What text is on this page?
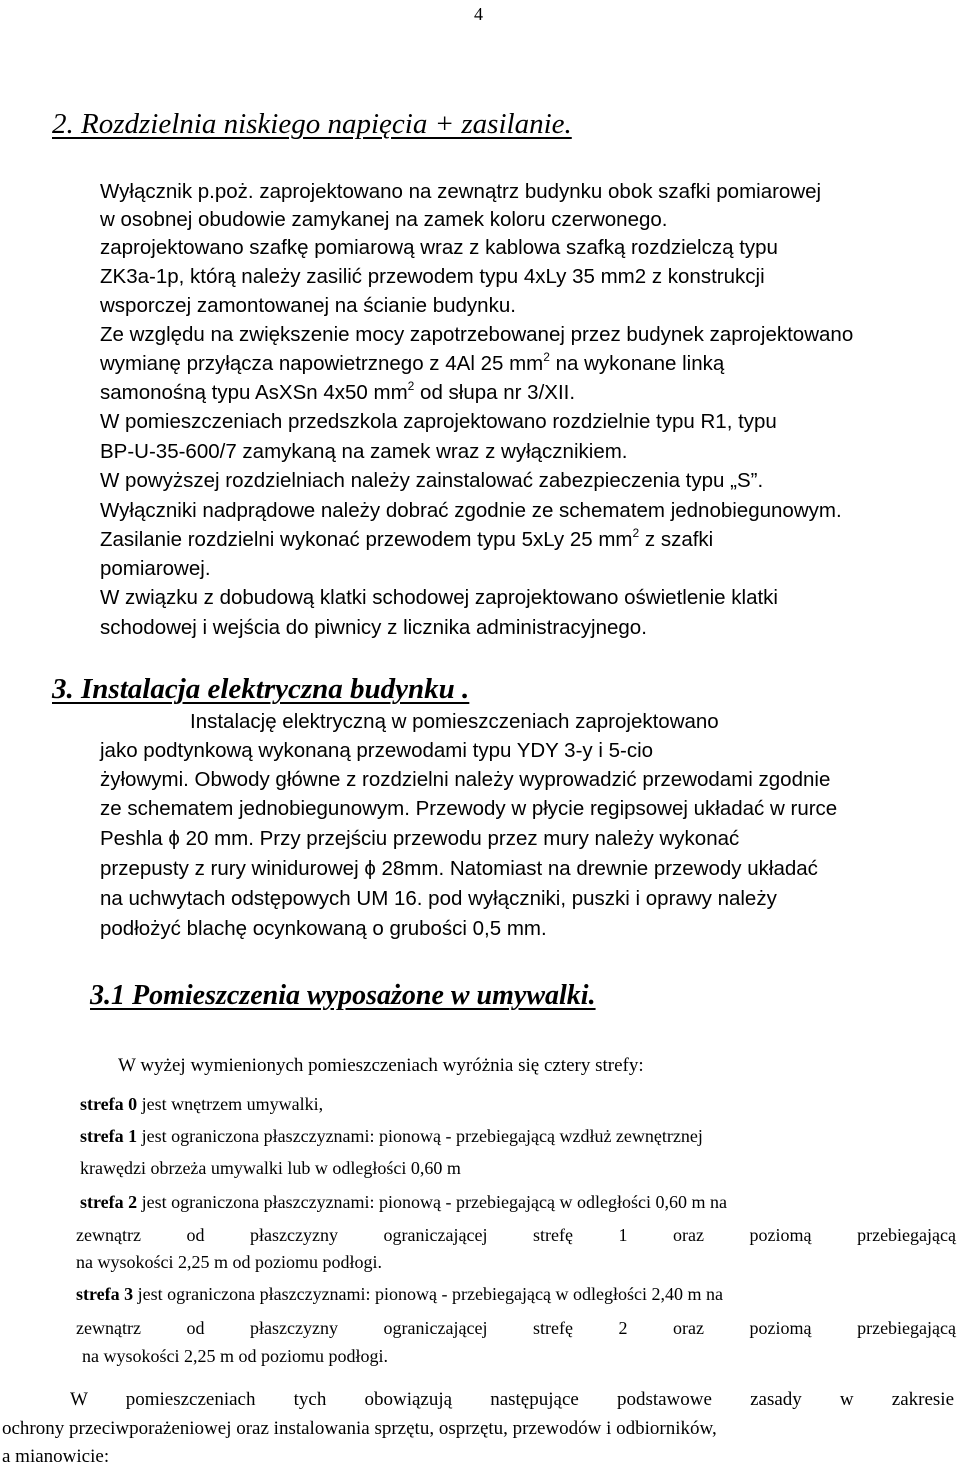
4
2. Rozdzielnia niskiego napięcia + zasilanie.
Wyłącznik p.poż. zaprojektowano na zewnątrz budynku obok szafki pomiarowej
w osobnej obudowie zamykanej na zamek koloru czerwonego.
zaprojektowano szafkę pomiarową wraz z kablowa szafką rozdzielczą typu
ZK3a-1p, którą należy zasilić przewodem typu 4xLy 35 mm2 z konstrukcji
wsporczej zamontowanej na ścianie budynku.
Ze względu na zwiększenie mocy zapotrzebowanej przez budynek zaprojektowano
wymianę przyłącza napowietrznego z 4Al 25 $mm^2$ na wykonane linką
samonośną typu AsXSn 4x50 $mm^2$ od słupa nr 3/XII.
W pomieszczeniach przedszkola zaprojektowano rozdzielnie typu R1, typu
BP-U-35-600/7 zamykaną na zamek wraz z wyłącznikiem.
W powyższej rozdzielniach należy zainstalować zabezpieczenia typu „S”.
Wyłączniki nadprądowe należy dobrać zgodnie ze schematem jednobiegunowym.
Zasilanie rozdzielni wykonać przewodem typu 5xLy 25 $mm^2$ z szafki
pomiarowej.
W związku z dobudową klatki schodowej zaprojektowano oświetlenie klatki
schodowej i wejścia do piwnicy z licznika administracyjnego.
3. Instalacja elektryczna budynku .
Instalację elektryczną w pomieszczeniach zaprojektowano
jako podtynkową wykonaną przewodami typu YDY 3-y i 5-cio
żyłowymi. Obwody główne z rozdzielni należy wyprowadzić przewodami zgodnie
ze schematem jednobiegunowym. Przewody w płycie regipsowej układać w rurce
Peshla ϕ 20 mm. Przy przejściu przewodu przez mury należy wykonać
przepusty z rury winidurowej ϕ 28mm. Natomiast na drewnie przewody układać
na uchwytach odstępowych UM 16. pod wyłączniki, puszki i oprawy należy
podłożyć blachę ocynkowaną o grubości 0,5 mm.
3.1 Pomieszczenia wyposażone w umywalki.
W wyżej wymienionych pomieszczeniach wyróżnia się cztery strefy:
strefa 0 jest wnętrzem umywalki,
strefa 1 jest ograniczona płaszczyznami: pionową - przebiegającą wzdłuż zewnętrznej
krawędzi obrzeża umywalki lub w odległości 0,60 m
strefa 2 jest ograniczona płaszczyznami: pionową - przebiegającą w odległości 0,60 m na
zewnątrz od płaszczyzny ograniczającej strefę 1 oraz poziomą przebiegającą
na wysokości 2,25 m od poziomu podłogi.
strefa 3 jest ograniczona płaszczyznami: pionową - przebiegającą w odległości 2,40 m na
zewnątrz od płaszczyzny ograniczającej strefę 2 oraz poziomą przebiegającą
na wysokości 2,25 m od poziomu podłogi.
W pomieszczeniach tych obowiązują następujące podstawowe zasady w zakresie
ochrony przeciwporażeniowej oraz instalowania sprzętu, osprzętu, przewodów i odbiorników,
a mianowicie:
